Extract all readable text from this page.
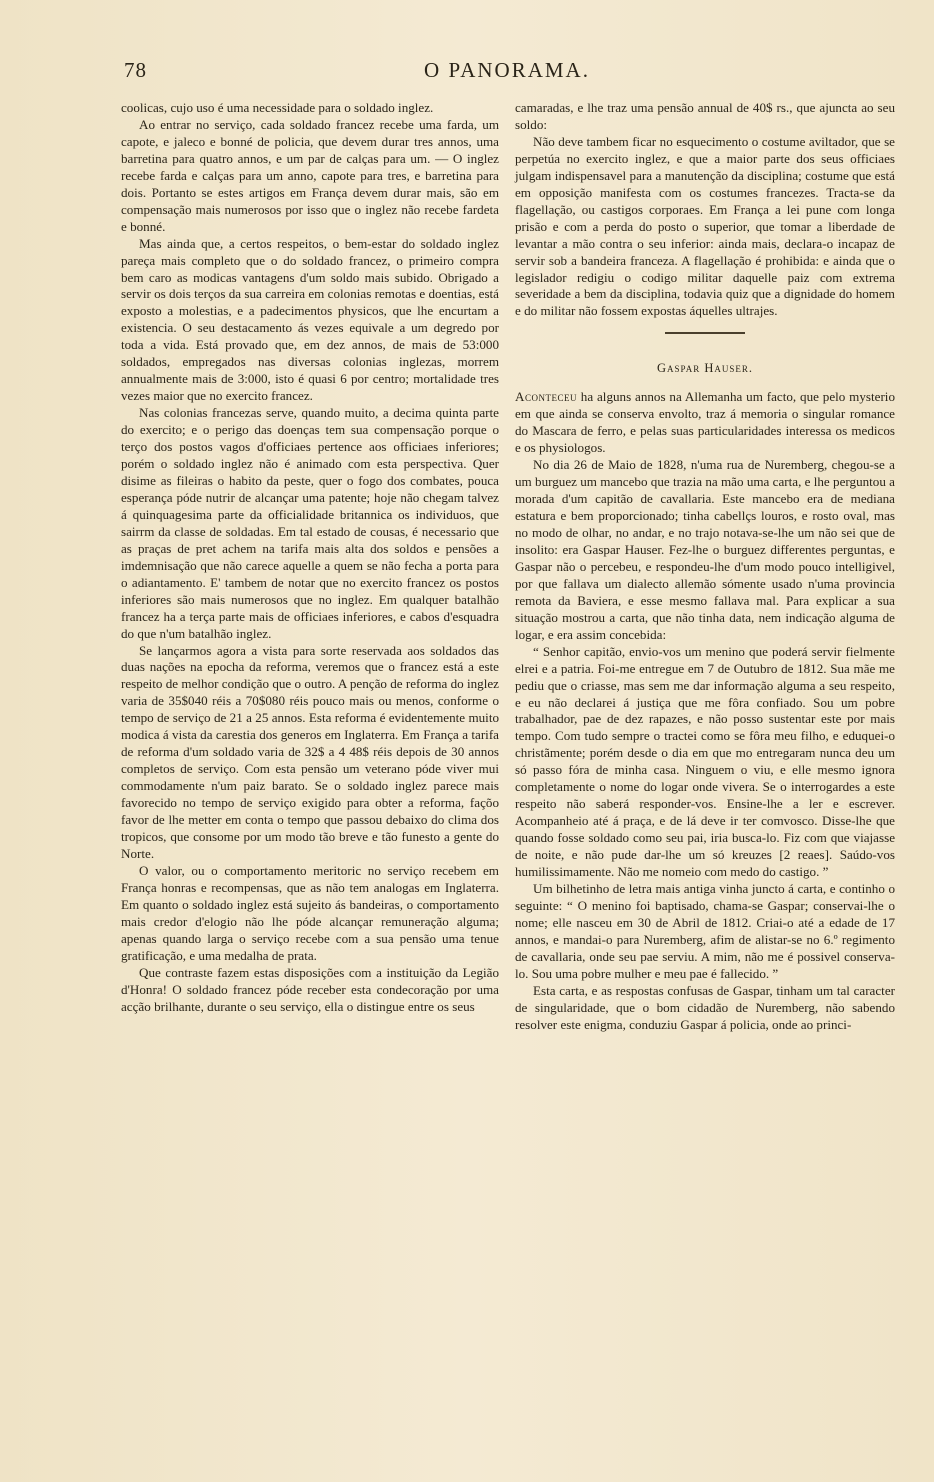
78	O PANORAMA.

coolicas, cujo uso é uma necessidade para o soldado inglez.

Ao entrar no serviço, cada soldado francez recebe uma farda, um capote, e jaleco e bonné de policia, que devem durar tres annos, uma barretina para quatro annos, e um par de calças para um. — O inglez recebe farda e calças para um anno, capote para tres, e barretina para dois. Portanto se estes artigos em França devem durar mais, são em compensação mais numerosos por isso que o inglez não recebe fardeta e bonné.

Mas ainda que, a certos respeitos, o bem-estar do soldado inglez pareça mais completo que o do soldado francez, o primeiro compra bem caro as modicas vantagens d'um soldo mais subido. Obrigado a servir os dois terços da sua carreira em colonias remotas e doentias, está exposto a molestias, e a padecimentos physicos, que lhe encurtam a existencia. O seu destacamento ás vezes equivale a um degredo por toda a vida. Está provado que, em dez annos, de mais de 53:000 soldados, empregados nas diversas colonias inglezas, morrem annualmente mais de 3:000, isto é quasi 6 por centro; mortalidade tres vezes maior que no exercito francez.

Nas colonias francezas serve, quando muito, a decima quinta parte do exercito; e o perigo das doenças tem sua compensação porque o terço dos postos vagos d'officiaes pertence aos officiaes inferiores; porém o soldado inglez não é animado com esta perspectiva. Quer disime as fileiras o habito da peste, quer o fogo dos combates, pouca esperança póde nutrir de alcançar uma patente; hoje não chegam talvez á quinquagesima parte da officialidade britannica os individuos, que sairrm da classe de soldadas. Em tal estado de cousas, é necessario que as praças de pret achem na tarifa mais alta dos soldos e pensões a imdemnisação que não carece aquelle a quem se não fecha a porta para o adiantamento. E' tambem de notar que no exercito francez os postos inferiores são mais numerosos que no inglez. Em qualquer batalhão francez ha a terça parte mais de officiaes inferiores, e cabos d'esquadra do que n'um batalhão inglez.

Se lançarmos agora a vista para sorte reservada aos soldados das duas nações na epocha da reforma, veremos que o francez está a este respeito de melhor condição que o outro. A penção de reforma do inglez varia de 35$040 réis a 70$080 réis pouco mais ou menos, conforme o tempo de serviço de 21 a 25 annos. Esta reforma é evidentemente muito modica á vista da carestia dos generos em Inglaterra. Em França a tarifa de reforma d'um soldado varia de 32$ a 4 48$ réis depois de 30 annos completos de serviço. Com esta pensão um veterano póde viver mui commodamente n'um paiz barato. Se o soldado inglez parece mais favorecido no tempo de serviço exigido para obter a reforma, façõo favor de lhe metter em conta o tempo que passou debaixo do clima dos tropicos, que consome por um modo tão breve e tão funesto a gente do Norte.

O valor, ou o comportamento meritoric no serviço recebem em França honras e recompensas, que as não tem analogas em Inglaterra. Em quanto o soldado inglez está sujeito ás bandeiras, o comportamento mais credor d'elogio não lhe póde alcançar remuneração alguma; apenas quando larga o serviço recebe com a sua pensão uma tenue gratificação, e uma medalha de prata.

Que contraste fazem estas disposições com a instituição da Legião d'Honra! O soldado francez póde receber esta condecoração por uma acção brilhante, durante o seu serviço, ella o distingue entre os seus

camaradas, e lhe traz uma pensão annual de 40$ rs., que ajuncta ao seu soldo:

Não deve tambem ficar no esquecimento o costume aviltador, que se perpetúa no exercito inglez, e que a maior parte dos seus officiaes julgam indispensavel para a manutenção da disciplina; costume que está em opposição manifesta com os costumes francezes. Tracta-se da flagellação, ou castigos corporaes. Em França a lei pune com longa prisão e com a perda do posto o superior, que tomar a liberdade de levantar a mão contra o seu inferior: ainda mais, declara-o incapaz de servir sob a bandeira franceza. A flagellação é prohibida: e ainda que o legislador redigiu o codigo militar daquelle paiz com extrema severidade a bem da disciplina, todavia quiz que a dignidade do homem e do militar não fossem expostas áquelles ultrajes.

Gaspar Hauser.

Aconteceu ha alguns annos na Allemanha um facto, que pelo mysterio em que ainda se conserva envolto, traz á memoria o singular romance do Mascara de ferro, e pelas suas particularidades interessa os medicos e os physiologos.

No dia 26 de Maio de 1828, n'uma rua de Nuremberg, chegou-se a um burguez um mancebo que trazia na mão uma carta, e lhe perguntou a morada d'um capitão de cavallaria. Este mancebo era de mediana estatura e bem proporcionado; tinha cabellçs louros, e rosto oval, mas no modo de olhar, no andar, e no trajo notava-se-lhe um não sei que de insolito: era Gaspar Hauser. Fez-lhe o burguez differentes perguntas, e Gaspar não o percebeu, e respondeu-lhe d'um modo pouco intelligivel, por que fallava um dialecto allemão sómente usado n'uma provincia remota da Baviera, e esse mesmo fallava mal. Para explicar a sua situação mostrou a carta, que não tinha data, nem indicação alguma de logar, e era assim concebida:

“ Senhor capitão, envio-vos um menino que poderá servir fielmente elrei e a patria. Foi-me entregue em 7 de Outubro de 1812. Sua mãe me pediu que o criasse, mas sem me dar informação alguma a seu respeito, e eu não declarei á justiça que me fôra confiado. Sou um pobre trabalhador, pae de dez rapazes, e não posso sustentar este por mais tempo. Com tudo sempre o tractei como se fôra meu filho, e eduquei-o christãmente; porém desde o dia em que mo entregaram nunca deu um só passo fóra de minha casa. Ninguem o viu, e elle mesmo ignora completamente o nome do logar onde vivera. Se o interrogardes a este respeito não saberá responder-vos. Ensine-lhe a ler e escrever. Acompanheio até á praça, e de lá deve ir ter comvosco. Disse-lhe que quando fosse soldado como seu pai, iria busca-lo. Fiz com que viajasse de noite, e não pude dar-lhe um só kreuzes [2 reaes]. Saúdo-vos humilissimamente. Não me nomeio com medo do castigo. ”

Um bilhetinho de letra mais antiga vinha juncto á carta, e continho o seguinte: “ O menino foi baptisado, chama-se Gaspar; conservai-lhe o nome; elle nasceu em 30 de Abril de 1812. Criai-o até a edade de 17 annos, e mandai-o para Nuremberg, afim de alistar-se no 6.º regimento de cavallaria, onde seu pae serviu. A mim, não me é possivel conserva-lo. Sou uma pobre mulher e meu pae é fallecido. ”

Esta carta, e as respostas confusas de Gaspar, tinham um tal caracter de singularidade, que o bom cidadão de Nuremberg, não sabendo resolver este enigma, conduziu Gaspar á policia, onde ao princi-
